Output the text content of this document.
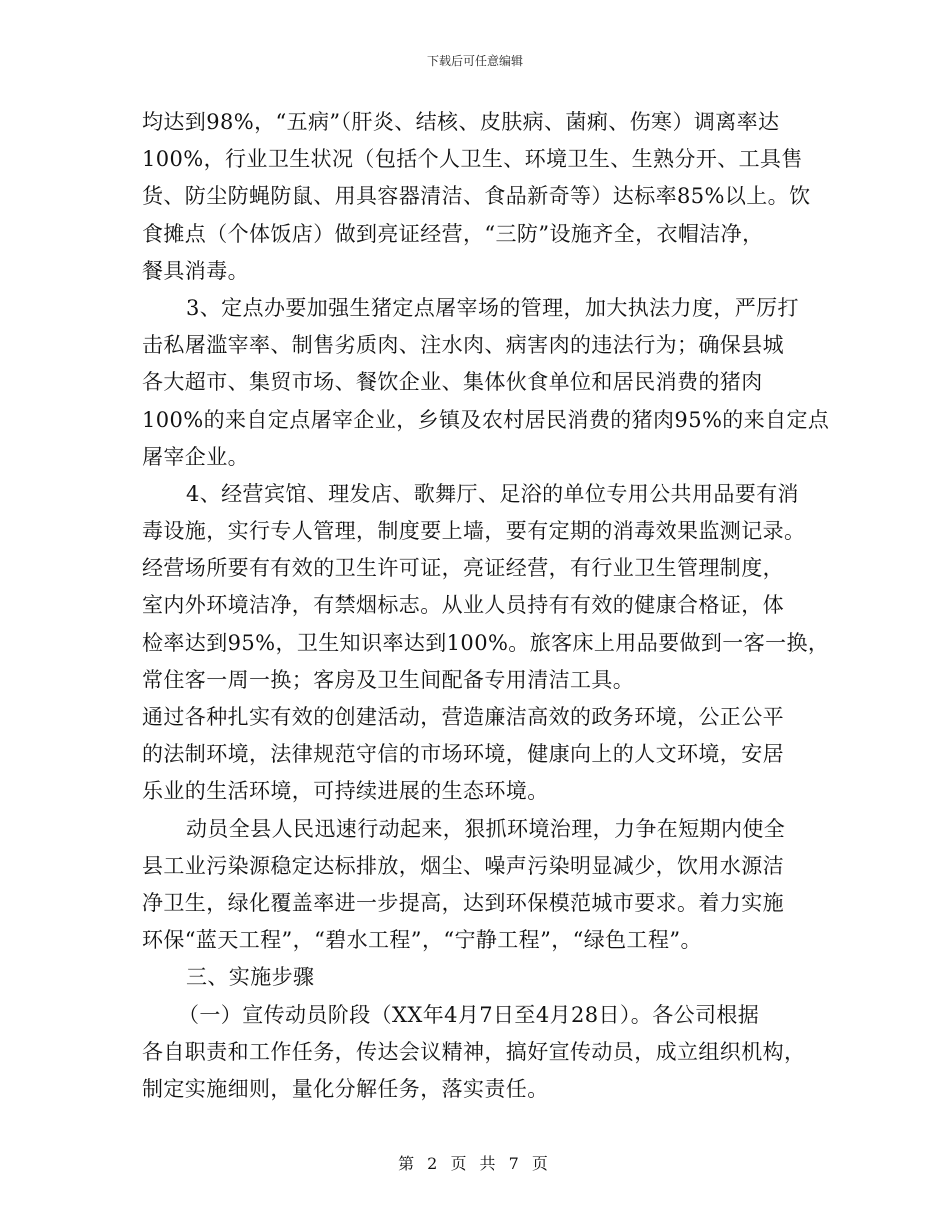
下载后可任意编辑

均达到98%，“五病”（肝炎、结核、皮肤病、菌痢、伤寒）调离率达
100%，行业卫生状况（包括个人卫生、环境卫生、生熟分开、工具售
货、防尘防蝇防鼠、用具容器清洁、食品新奇等）达标率85%以上。饮
食摊点（个体饭店）做到亮证经营，“三防”设施齐全，衣帽洁净，
餐具消毒。

3、定点办要加强生猪定点屠宰场的管理，加大执法力度，严厉打
击私屠滥宰率、制售劣质肉、注水肉、病害肉的违法行为；确保县城
各大超市、集贸市场、餐饮企业、集体伙食单位和居民消费的猪肉
100%的来自定点屠宰企业，乡镇及农村居民消费的猪肉95%的来自定点
屠宰企业。

4、经营宾馆、理发店、歌舞厅、足浴的单位专用公共用品要有消
毒设施，实行专人管理，制度要上墙，要有定期的消毒效果监测记录。
经营场所要有有效的卫生许可证，亮证经营，有行业卫生管理制度，
室内外环境洁净，有禁烟标志。从业人员持有有效的健康合格证，体
检率达到95%，卫生知识率达到100%。旅客床上用品要做到一客一换，
常住客一周一换；客房及卫生间配备专用清洁工具。

通过各种扎实有效的创建活动，营造廉洁高效的政务环境，公正公平
的法制环境，法律规范守信的市场环境，健康向上的人文环境，安居
乐业的生活环境，可持续进展的生态环境。

动员全县人民迅速行动起来，狠抓环境治理，力争在短期内使全
县工业污染源稳定达标排放，烟尘、噪声污染明显减少，饮用水源洁
净卫生，绿化覆盖率进一步提高，达到环保模范城市要求。着力实施
环保“蓝天工程”，“碧水工程”，“宁静工程”，“绿色工程”。

三、实施步骤

（一）宣传动员阶段（XX年4月7日至4月28日）。各公司根据
各自职责和工作任务，传达会议精神，搞好宣传动员，成立组织机构，
制定实施细则，量化分解任务，落实责任。

第 2 页 共 7 页
